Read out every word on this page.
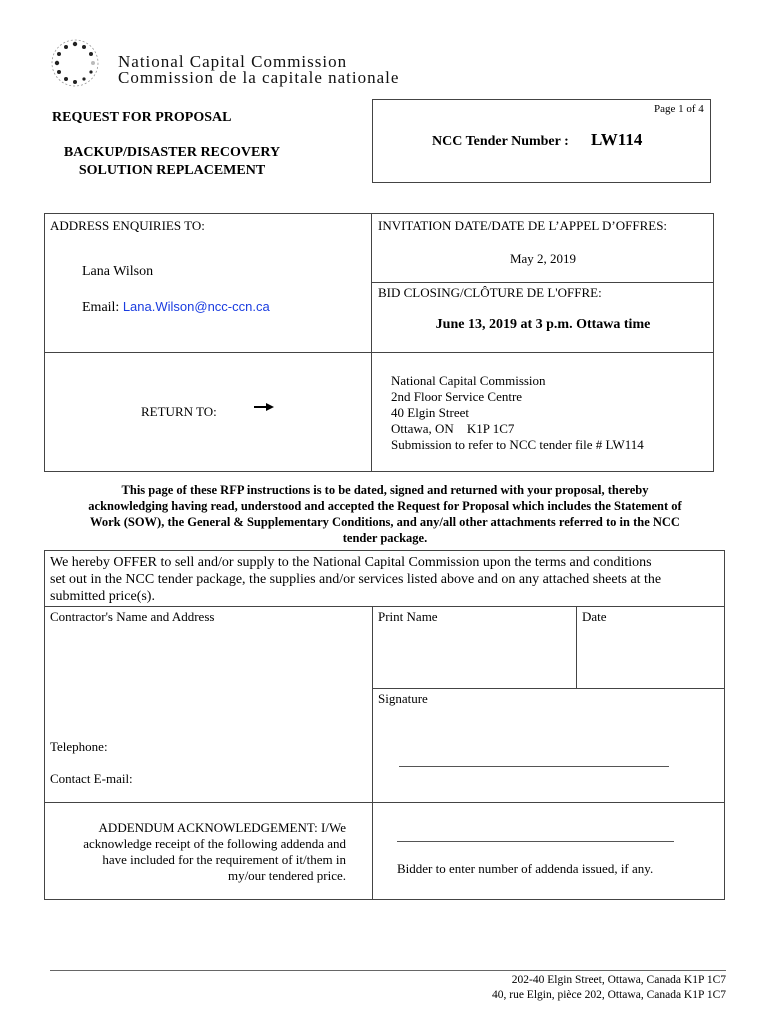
National Capital Commission
Commission de la capitale nationale
REQUEST FOR PROPOSAL
BACKUP/DISASTER RECOVERY
SOLUTION REPLACEMENT
Page 1 of 4
NCC Tender Number : LW114
ADDRESS ENQUIRIES TO:
Lana Wilson
Email: Lana.Wilson@ncc-ccn.ca
INVITATION DATE/DATE DE L’APPEL D’OFFRES:
May 2, 2019
BID CLOSING/CLÔTURE DE L'OFFRE:
June 13, 2019 at 3 p.m. Ottawa time
RETURN TO:
National Capital Commission
2nd Floor Service Centre
40 Elgin Street
Ottawa, ON    K1P 1C7
Submission to refer to NCC tender file # LW114
This page of these RFP instructions is to be dated, signed and returned with your proposal, thereby
acknowledging having read, understood and accepted the Request for Proposal which includes the Statement of
Work (SOW), the General & Supplementary Conditions, and any/all other attachments referred to in the NCC
tender package.
We hereby OFFER to sell and/or supply to the National Capital Commission upon the terms and conditions
set out in the NCC tender package, the supplies and/or services listed above and on any attached sheets at the
submitted price(s).
Contractor's Name and Address	Print Name	Date
Signature
Telephone:
Contact E-mail:
ADDENDUM ACKNOWLEDGEMENT: I/We
acknowledge receipt of the following addenda and
have included for the requirement of it/them in
my/our tendered price.	Bidder to enter number of addenda issued, if any.
202-40 Elgin Street, Ottawa, Canada K1P 1C7
40, rue Elgin, pièce 202, Ottawa, Canada K1P 1C7
